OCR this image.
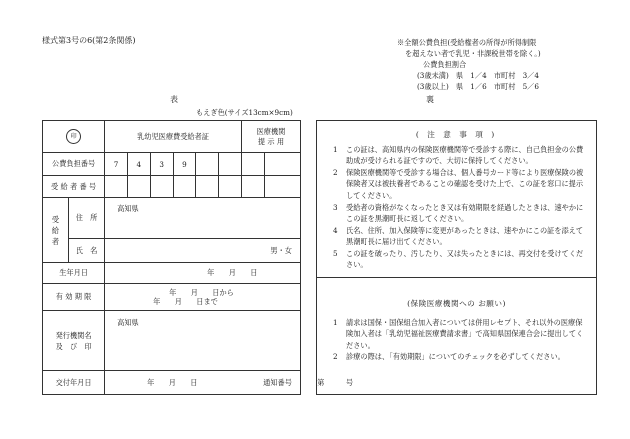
様式第3号の6(第2条関係)	※全額公費負担(受給権者の所得が所得制限
を超えない者で乳児・非課税世帯を除く。)
公費負担割合
(3歳未満)　県　1／4　市町村　3／4
(3歳以上)　県　1／6　市町村　5／6
表	裏
もえぎ色(サイズ13cm×9cm)
印		乳幼児医療費受給者証						医療機関
提 示 用	

公費負担番号		7	4	3	9				
受 給 者 番 号									

受給者	住　所	高知県							
	氏　名	男・女							
生年月日		年　　月　　日							
有 効 期 限		年　　月　　日から
年　　月　　日まで							

発行機関名
及　び　印		高知県							
交付年月日		年　　月　　日 通知番号 第　　　号							
( 注 意 事 項 )
1 この証は、高知県内の保険医療機関等で受診する際に、自己負担金の公費助成が受けられる証ですので、大切に保持してください。
2 保険医療機関等で受診する場合は、個人番号カード等により医療保険の被保険者又は被扶養者であることの確認を受けた上で、この証を窓口に提示してください。
3 受給者の資格がなくなったとき又は有効期限を経過したときは、速やかにこの証を黒潮町長に返してください。
4 氏名、住所、加入保険等に変更があったときは、速やかにこの証を添えて黒潮町長に届け出てください。
5 この証を破ったり、汚したり、又は失ったときには、再交付を受けてください。
(保険医療機関への お願い)
1 請求は国保・国保組合加入者については併用レセプト、それ以外の医療保険加入者は「乳幼児福祉医療費請求書」で高知県国保連合会に提出してください。
2 診療の際は、「有効期限」についてのチェックを必ずしてください。
